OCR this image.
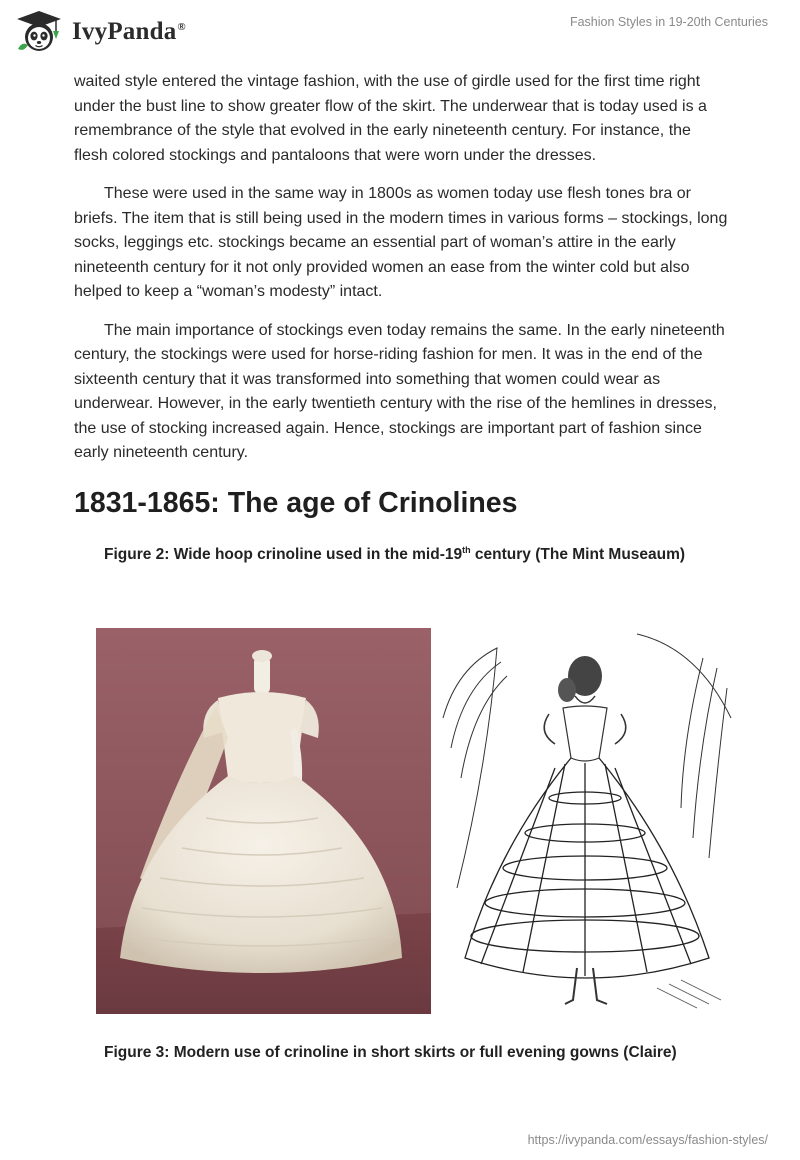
IvyPanda®	Fashion Styles in 19-20th Centuries

waited style entered the vintage fashion, with the use of girdle used for the first time right under the bust line to show greater flow of the skirt. The underwear that is today used is a remembrance of the style that evolved in the early nineteenth century. For instance, the flesh colored stockings and pantaloons that were worn under the dresses.

These were used in the same way in 1800s as women today use flesh tones bra or briefs. The item that is still being used in the modern times in various forms – stockings, long socks, leggings etc. stockings became an essential part of woman’s attire in the early nineteenth century for it not only provided women an ease from the winter cold but also helped to keep a “woman’s modesty” intact.

The main importance of stockings even today remains the same. In the early nineteenth century, the stockings were used for horse-riding fashion for men. It was in the end of the sixteenth century that it was transformed into something that women could wear as underwear. However, in the early twentieth century with the rise of the hemlines in dresses, the use of stocking increased again. Hence, stockings are important part of fashion since early nineteenth century.

1831-1865: The age of Crinolines

Figure 2: Wide hoop crinoline used in the mid-19th century (The Mint Museaum)

Figure 3: Modern use of crinoline in short skirts or full evening gowns (Claire)
https://ivypanda.com/essays/fashion-styles/
